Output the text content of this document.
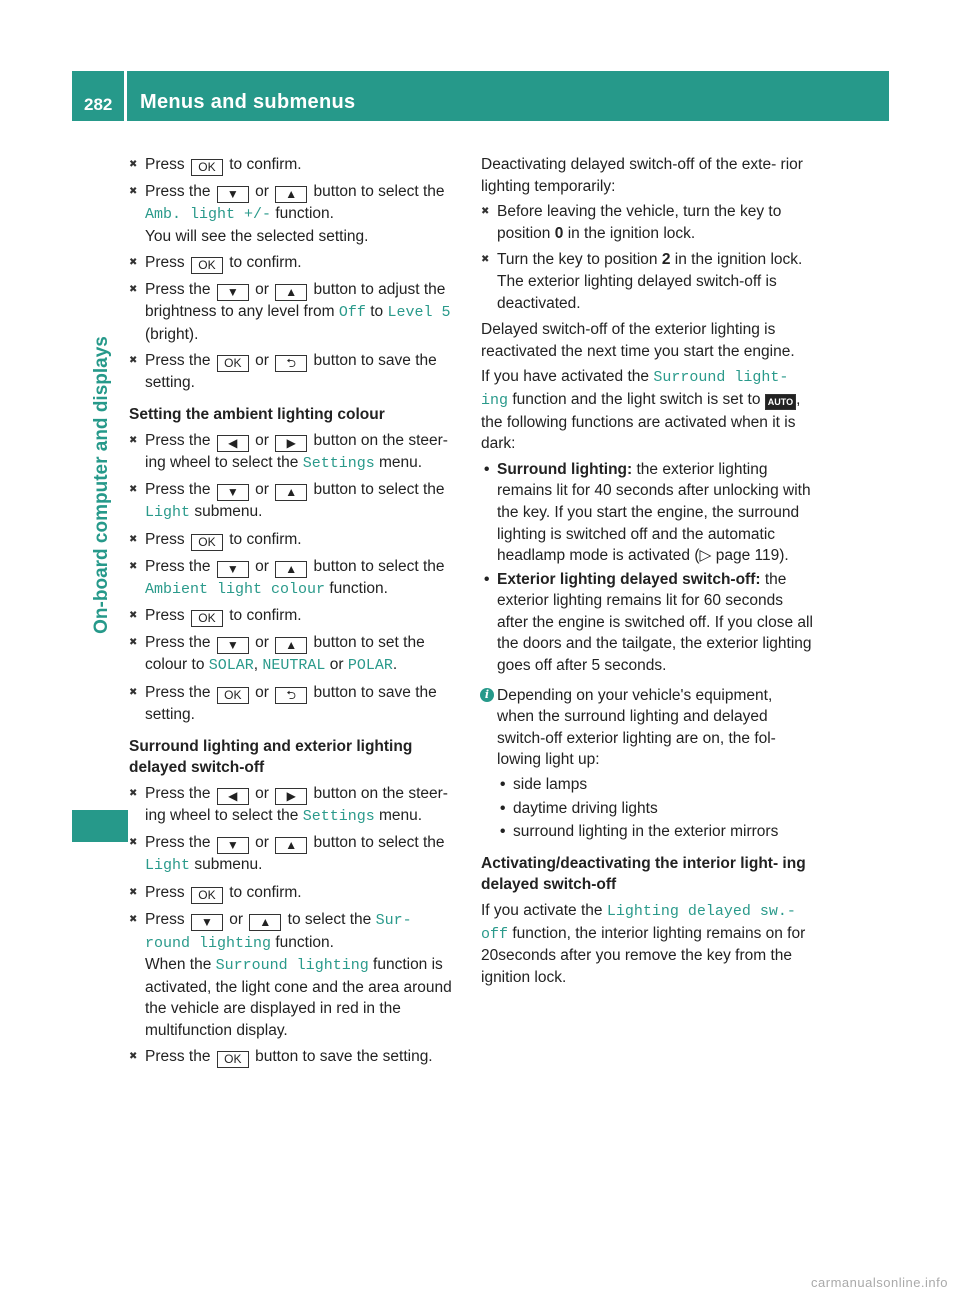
282 Menus and submenus
On-board computer and displays
✖ Press OK to confirm.
✖ Press the ▼ or ▲ button to select the Amb. light +/- function.
You will see the selected setting.
✖ Press OK to confirm.
✖ Press the ▼ or ▲ button to adjust the brightness to any level from Off to Level 5 (bright).
✖ Press the OK or ⮌ button to save the setting.
Setting the ambient lighting colour
✖ Press the ◀ or ▶ button on the steer- ing wheel to select the Settings menu.
✖ Press the ▼ or ▲ button to select the Light submenu.
✖ Press OK to confirm.
✖ Press the ▼ or ▲ button to select the Ambient light colour function.
✖ Press OK to confirm.
✖ Press the ▼ or ▲ button to set the colour to SOLAR, NEUTRAL or POLAR.
✖ Press the OK or ⮌ button to save the setting.
Surround lighting and exterior lighting delayed switch-off
✖ Press the ◀ or ▶ button on the steer- ing wheel to select the Settings menu.
✖ Press the ▼ or ▲ button to select the Light submenu.
✖ Press OK to confirm.
✖ Press ▼ or ▲ to select the Sur‐ round lighting function.
When the Surround lighting function is activated, the light cone and the area around the vehicle are displayed in red in the multifunction display.
✖ Press the OK button to save the setting.
Deactivating delayed switch-off of the exte- rior lighting temporarily:
✖ Before leaving the vehicle, turn the key to position 0 in the ignition lock.
✖ Turn the key to position 2 in the ignition lock.
The exterior lighting delayed switch-off is deactivated.
Delayed switch-off of the exterior lighting is reactivated the next time you start the engine.
If you have activated the Surround light‐ ing function and the light switch is set to AUTO , the following functions are activated when it is dark:
• Surround lighting: the exterior lighting remains lit for 40 seconds after unlocking with the key. If you start the engine, the surround lighting is switched off and the automatic headlamp mode is activated (▷ page 119).
• Exterior lighting delayed switch-off: the exterior lighting remains lit for 60 seconds after the engine is switched off. If you close all the doors and the tailgate, the exterior lighting goes off after 5 seconds.
i Depending on your vehicle's equipment, when the surround lighting and delayed switch-off exterior lighting are on, the fol- lowing light up:
• side lamps
• daytime driving lights
• surround lighting in the exterior mirrors
Activating/deactivating the interior light- ing delayed switch-off
If you activate the Lighting delayed sw.- off function, the interior lighting remains on for 20seconds after you remove the key from the ignition lock.
carmanualsonline.info
